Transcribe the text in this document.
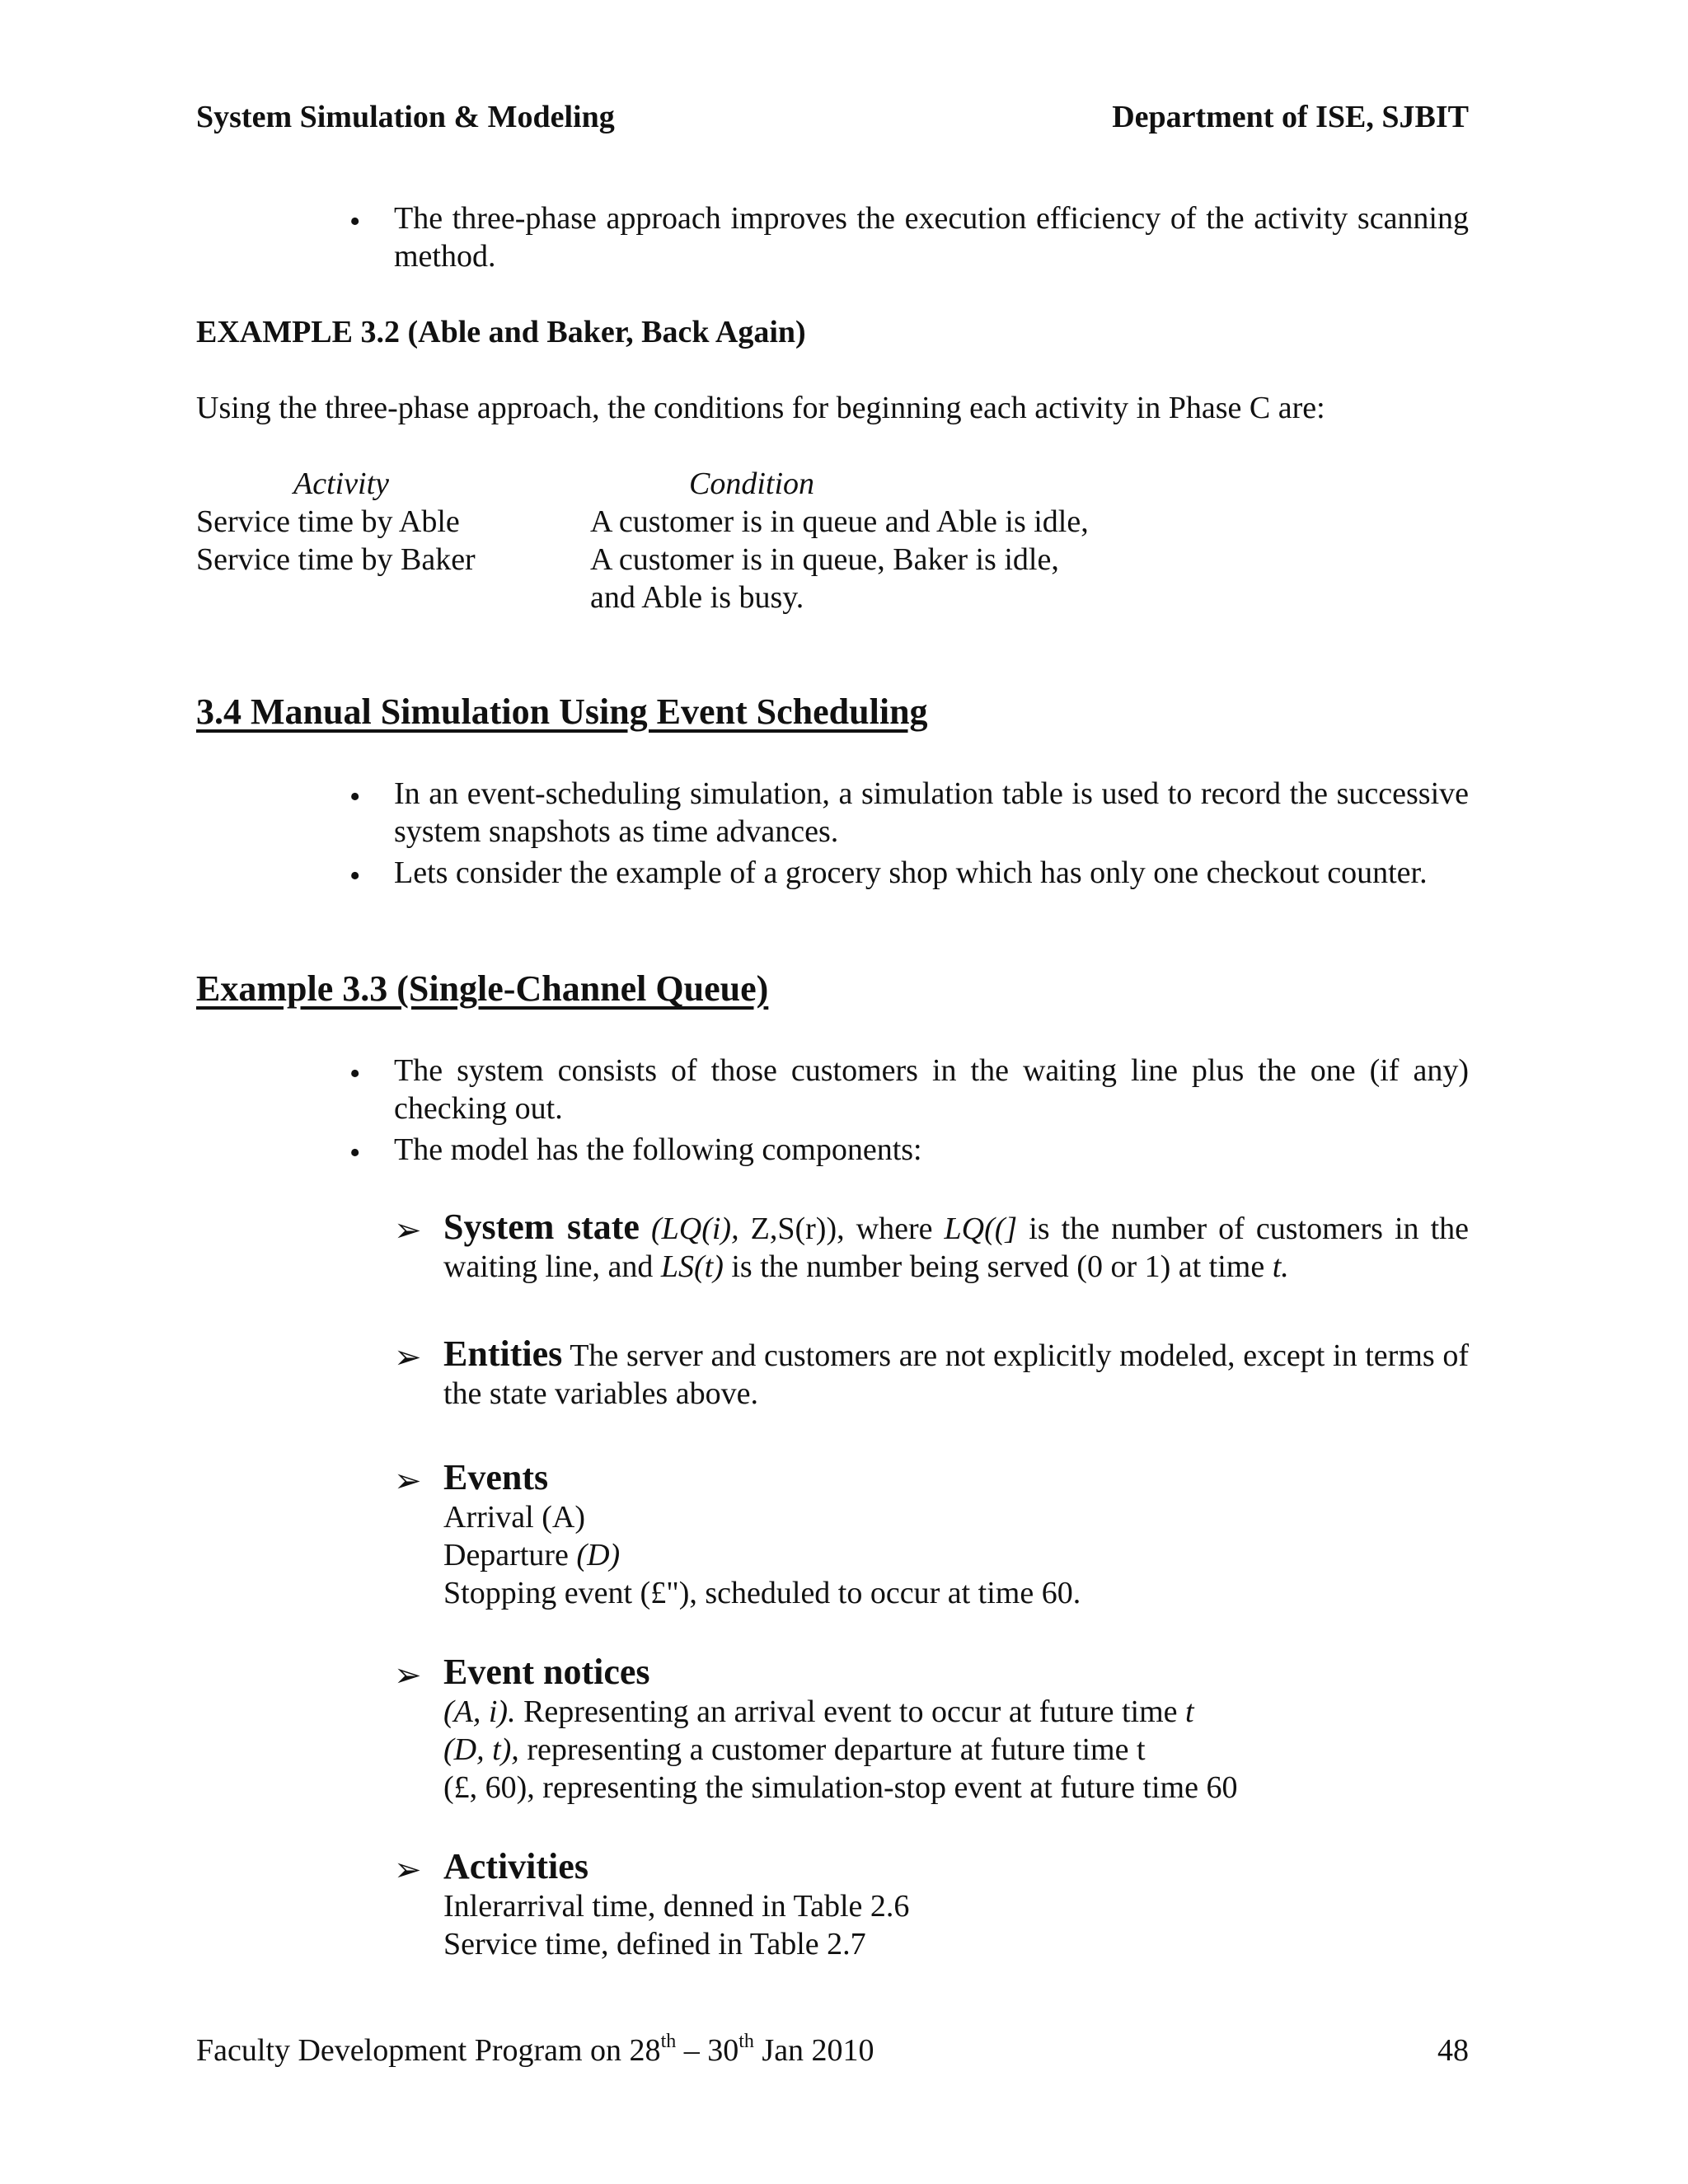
System Simulation & Modeling	Department of ISE, SJBIT
• The three-phase approach improves the execution efficiency of the activity scanning method.
EXAMPLE 3.2 (Able and Baker, Back Again)
Using the three-phase approach, the conditions for beginning each activity in Phase C are:
Activity	Condition
Service time by Able	A customer is in queue and Able is idle,
Service time by Baker	A customer is in queue, Baker is idle,
and Able is busy.
3.4 Manual Simulation Using Event Scheduling
• In an event-scheduling simulation, a simulation table is used to record the successive system snapshots as time advances.
• Lets consider the example of a grocery shop which has only one checkout counter.
Example 3.3 (Single-Channel Queue)
• The system consists of those customers in the waiting line plus the one (if any) checking out.
• The model has the following components:
➢ System state (LQ(i), Z,S(r)), where LQ((] is the number of customers in the waiting line, and LS(t) is the number being served (0 or 1) at time t.
➢ Entities The server and customers are not explicitly modeled, except in terms of the state variables above.
➢ Events
Arrival (A)
Departure (D)
Stopping event (£"), scheduled to occur at time 60.
➢ Event notices
(A, i). Representing an arrival event to occur at future time t
(D, t), representing a customer departure at future time t
(£, 60), representing the simulation-stop event at future time 60
➢ Activities
Inlerarrival time, denned in Table 2.6
Service time, defined in Table 2.7
Faculty Development Program on 28th – 30th Jan 2010	48
